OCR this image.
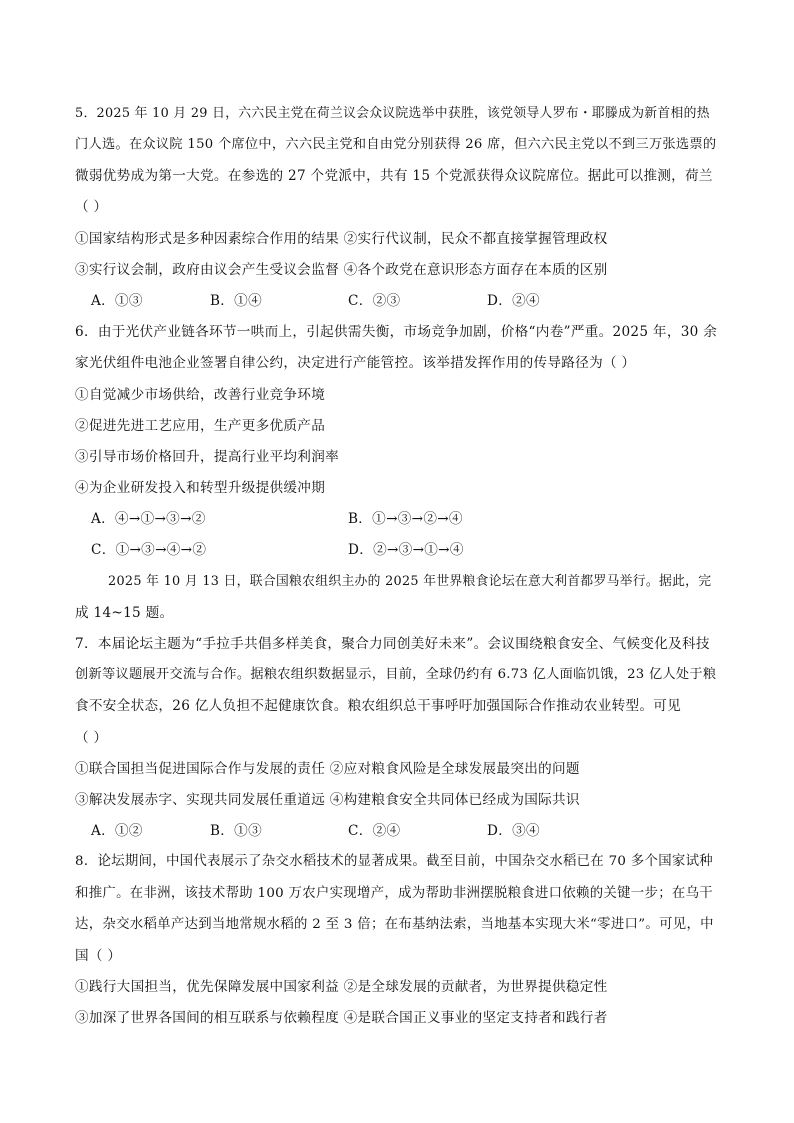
5．2025 年 10 月 29 日，六六民主党在荷兰议会众议院选举中获胜，该党领导人罗布・耶滕成为新首相的热
门人选。在众议院 150 个席位中，六六民主党和自由党分别获得 26 席，但六六民主党以不到三万张选票的
微弱优势成为第一大党。在参选的 27 个党派中，共有 15 个党派获得众议院席位。据此可以推测，荷兰
（ ）
①国家结构形式是多种因素综合作用的结果 ②实行代议制，民众不都直接掌握管理政权
③实行议会制，政府由议会产生受议会监督 ④各个政党在意识形态方面存在本质的区别
A．①③	B．①④	C．②③	D．②④
6．由于光伏产业链各环节一哄而上，引起供需失衡，市场竞争加剧，价格“内卷”严重。2025 年，30 余
家光伏组件电池企业签署自律公约，决定进行产能管控。该举措发挥作用的传导路径为（ ）
①自觉减少市场供给，改善行业竞争环境
②促进先进工艺应用，生产更多优质产品
③引导市场价格回升，提高行业平均利润率
④为企业研发投入和转型升级提供缓冲期
A．④→①→③→②	B．①→③→②→④
C．①→③→④→②	D．②→③→①→④
2025 年 10 月 13 日，联合国粮农组织主办的 2025 年世界粮食论坛在意大利首都罗马举行。据此，完
成 14~15 题。
7．本届论坛主题为“手拉手共倡多样美食，聚合力同创美好未来”。会议围绕粮食安全、气候变化及科技
创新等议题展开交流与合作。据粮农组织数据显示，目前，全球仍约有 6.73 亿人面临饥饿，23 亿人处于粮
食不安全状态，26 亿人负担不起健康饮食。粮农组织总干事呼吁加强国际合作推动农业转型。可见
（ ）
①联合国担当促进国际合作与发展的责任 ②应对粮食风险是全球发展最突出的问题
③解决发展赤字、实现共同发展任重道远 ④构建粮食安全共同体已经成为国际共识
A．①②	B．①③	C．②④	D．③④
8．论坛期间，中国代表展示了杂交水稻技术的显著成果。截至目前，中国杂交水稻已在 70 多个国家试种
和推广。在非洲，该技术帮助 100 万农户实现增产，成为帮助非洲摆脱粮食进口依赖的关键一步；在乌干
达，杂交水稻单产达到当地常规水稻的 2 至 3 倍；在布基纳法索，当地基本实现大米“零进口”。可见，中
国（ ）
①践行大国担当，优先保障发展中国家利益 ②是全球发展的贡献者，为世界提供稳定性
③加深了世界各国间的相互联系与依赖程度 ④是联合国正义事业的坚定支持者和践行者
